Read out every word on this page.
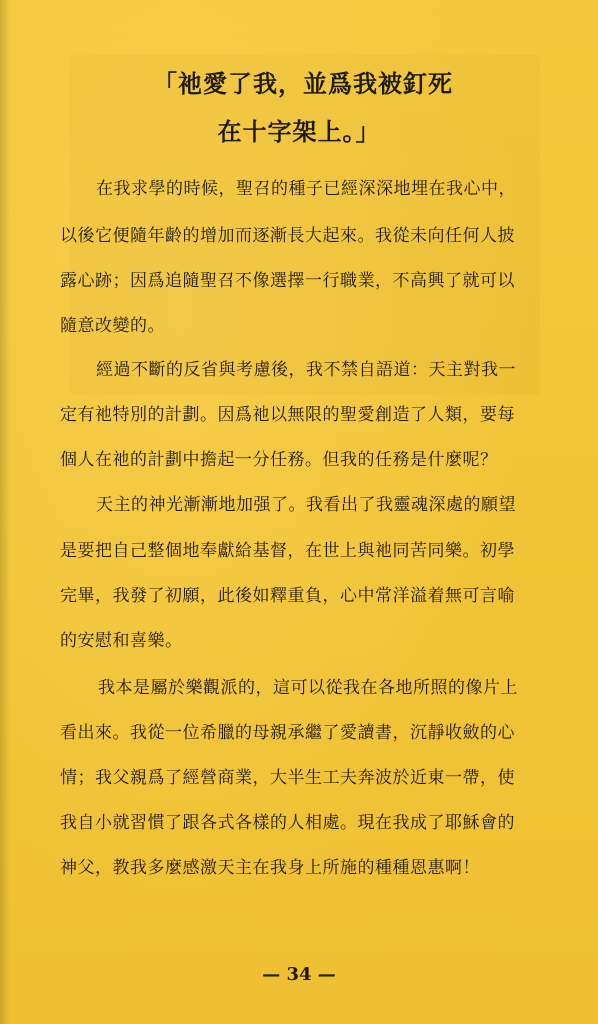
「祂愛了我，並爲我被釘死
在十字架上。」
在我求學的時候，聖召的種子已經深深地埋在我心中，
以後它便隨年齡的增加而逐漸長大起來。我從未向任何人披
露心跡；因爲追隨聖召不像選擇一行職業，不高興了就可以
隨意改變的。
經過不斷的反省與考慮後，我不禁自語道：天主對我一
定有祂特別的計劃。因爲祂以無限的聖愛創造了人類，要每
個人在祂的計劃中擔起一分任務。但我的任務是什麼呢？
天主的神光漸漸地加强了。我看出了我靈魂深處的願望
是要把自己整個地奉獻給基督，在世上與祂同苦同樂。初學
完畢，我發了初願，此後如釋重負，心中常洋溢着無可言喻
的安慰和喜樂。
我本是屬於樂觀派的，這可以從我在各地所照的像片上
看出來。我從一位希臘的母親承繼了愛讀書，沉靜收斂的心
情；我父親爲了經營商業，大半生工夫奔波於近東一帶，使
我自小就習慣了跟各式各樣的人相處。現在我成了耶穌會的
神父，教我多麼感激天主在我身上所施的種種恩惠啊！
— 34 —
